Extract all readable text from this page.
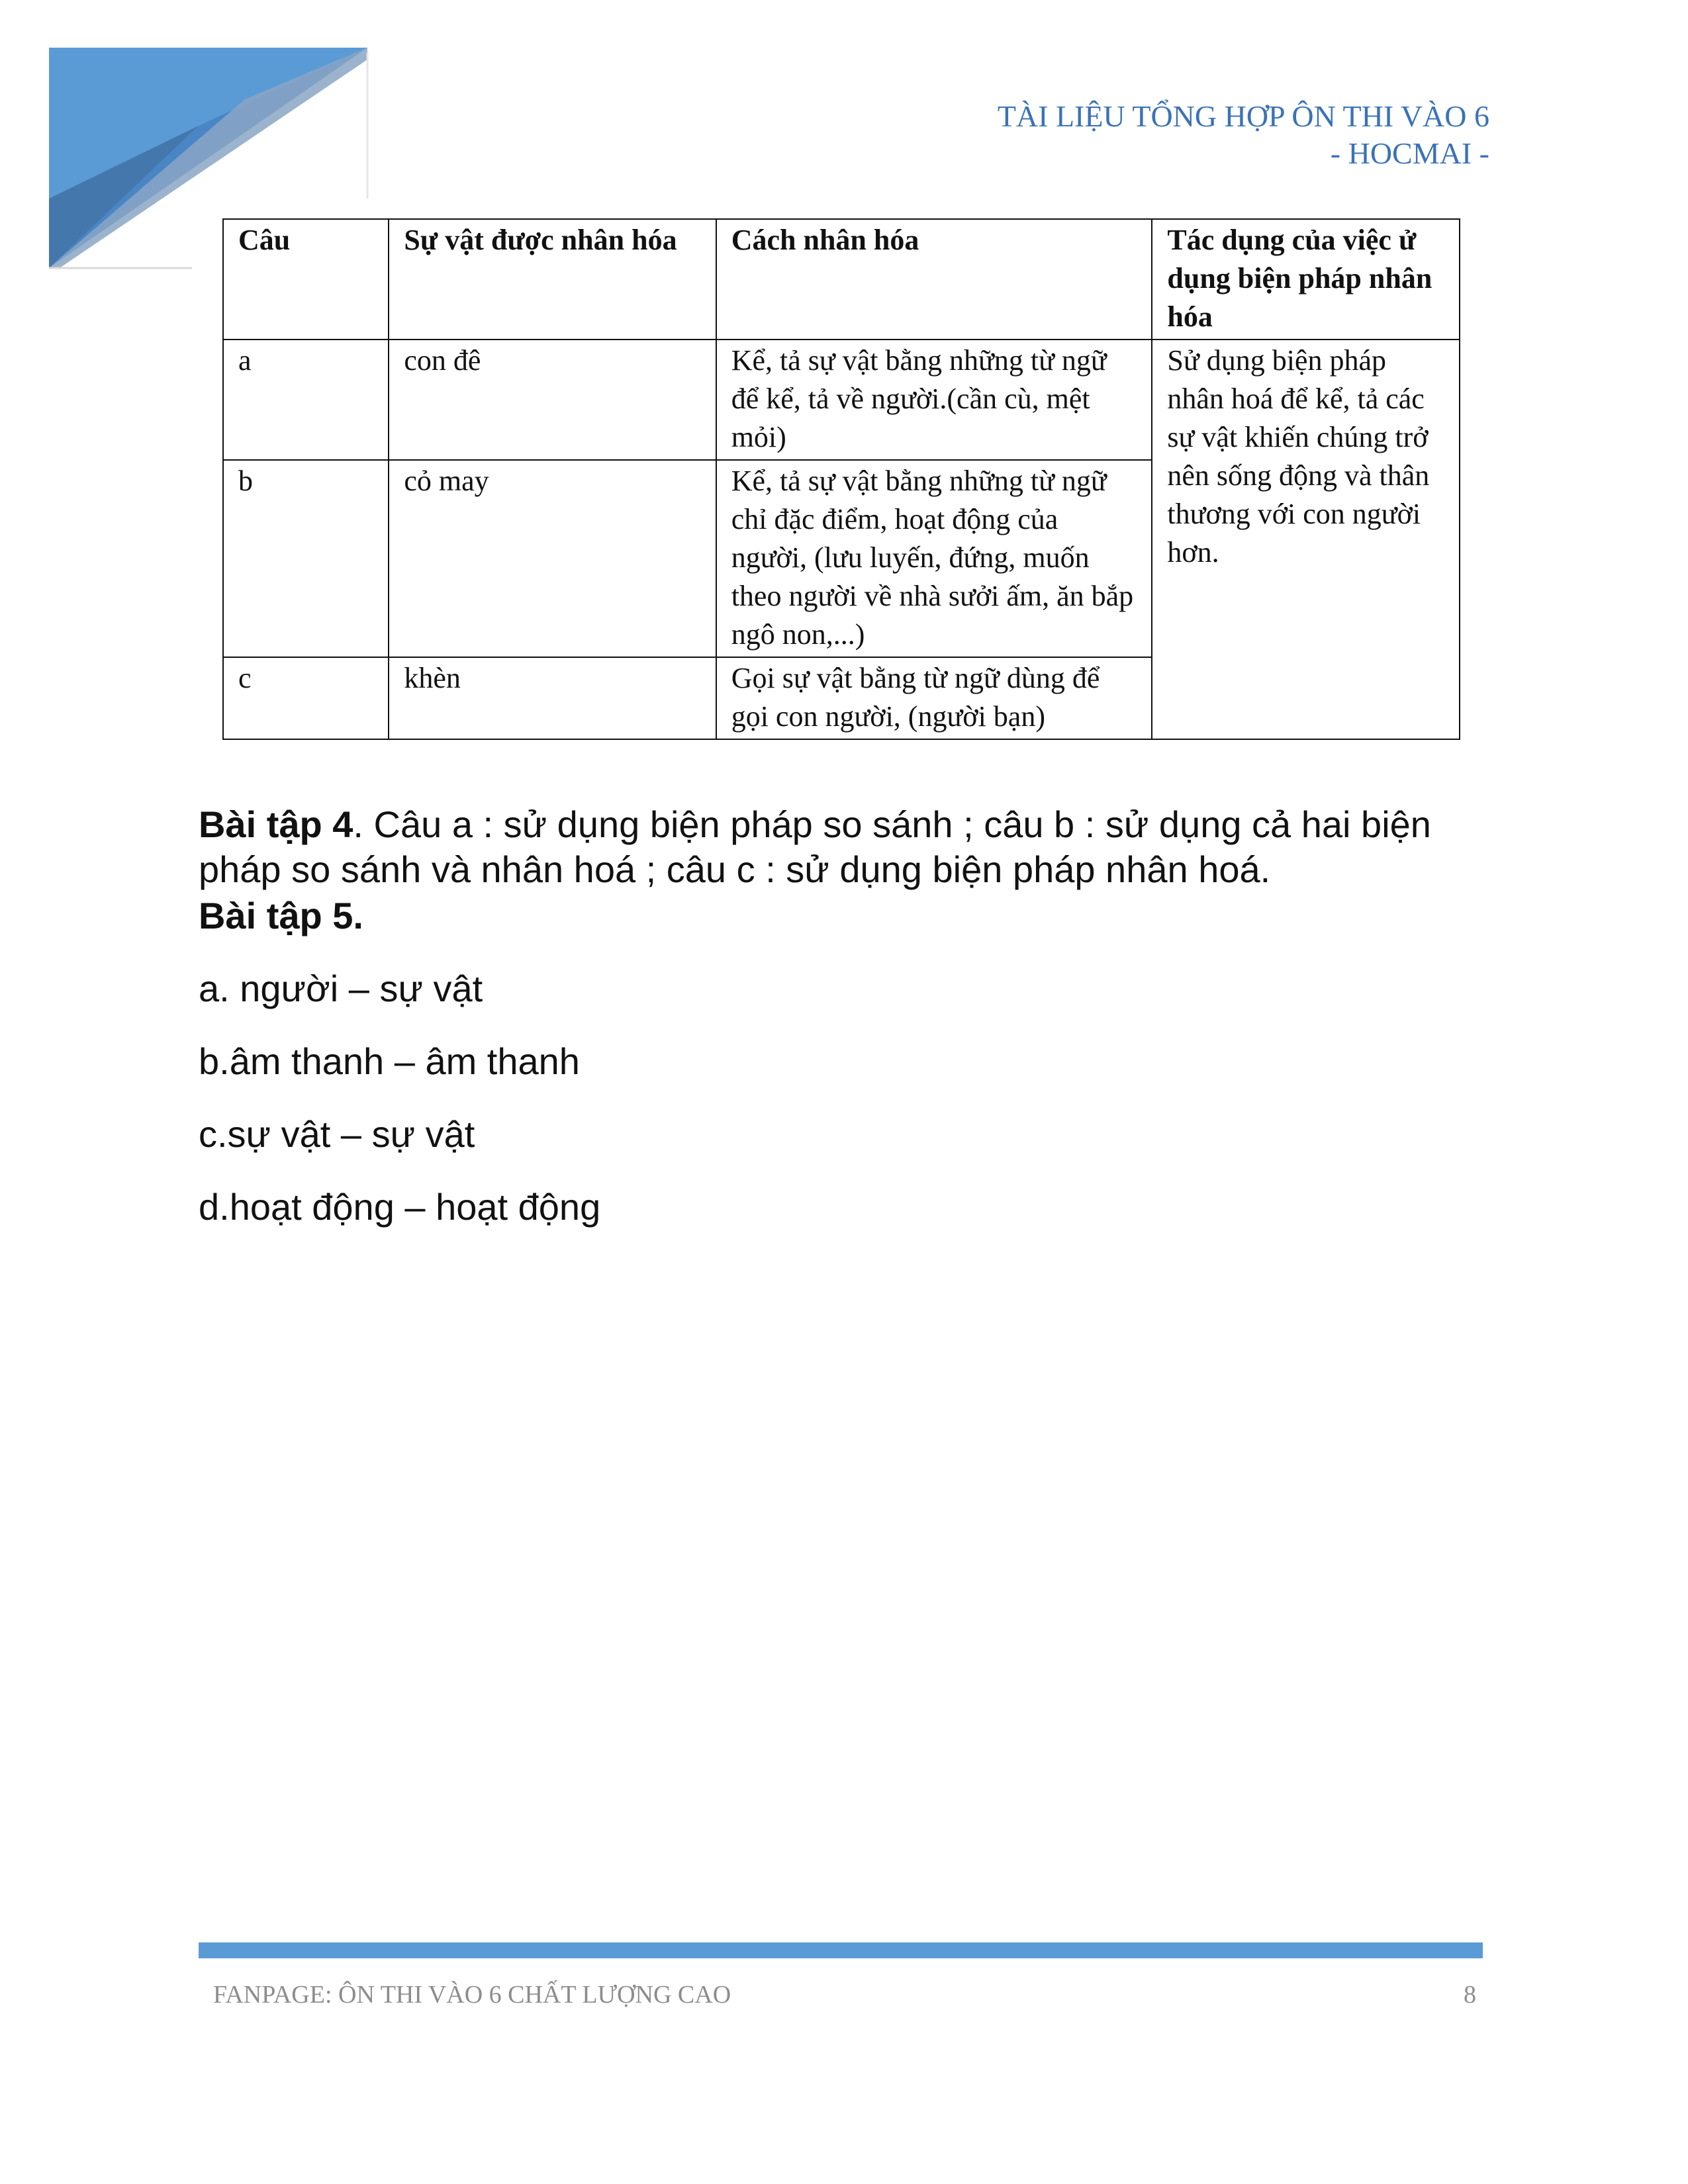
TÀI LIỆU TỔNG HỢP ÔN THI VÀO 6
- HOCMAI -
Câu	Sự vật được nhân hóa	Cách nhân hóa	Tác dụng của việc ử dụng biện pháp nhân hóa
a	con đê	Kể, tả sự vật bằng những từ ngữ để kể, tả về người.(cần cù, mệt mỏi)	Sử dụng biện pháp nhân hoá để kể, tả các sự vật khiến chúng trở nên sống động và thân thương với con người hơn.
b	cỏ may	Kể, tả sự vật bằng những từ ngữ chỉ đặc điểm, hoạt động của người, (lưu luyến, đứng, muốn theo người về nhà sưởi ấm, ăn bắp ngô non,...)	
c	khèn	Gọi sự vật bằng từ ngữ dùng để gọi con người, (người bạn)	

Bài tập 4. Câu a : sử dụng biện pháp so sánh ; câu b : sử dụng cả hai biện pháp so sánh và nhân hoá ; câu c : sử dụng biện pháp nhân hoá.

Bài tập 5.

a. người – sự vật

b.âm thanh – âm thanh

c.sự vật – sự vật

d.hoạt động – hoạt động

FANPAGE: ÔN THI VÀO 6 CHẤT LƯỢNG CAO	8
